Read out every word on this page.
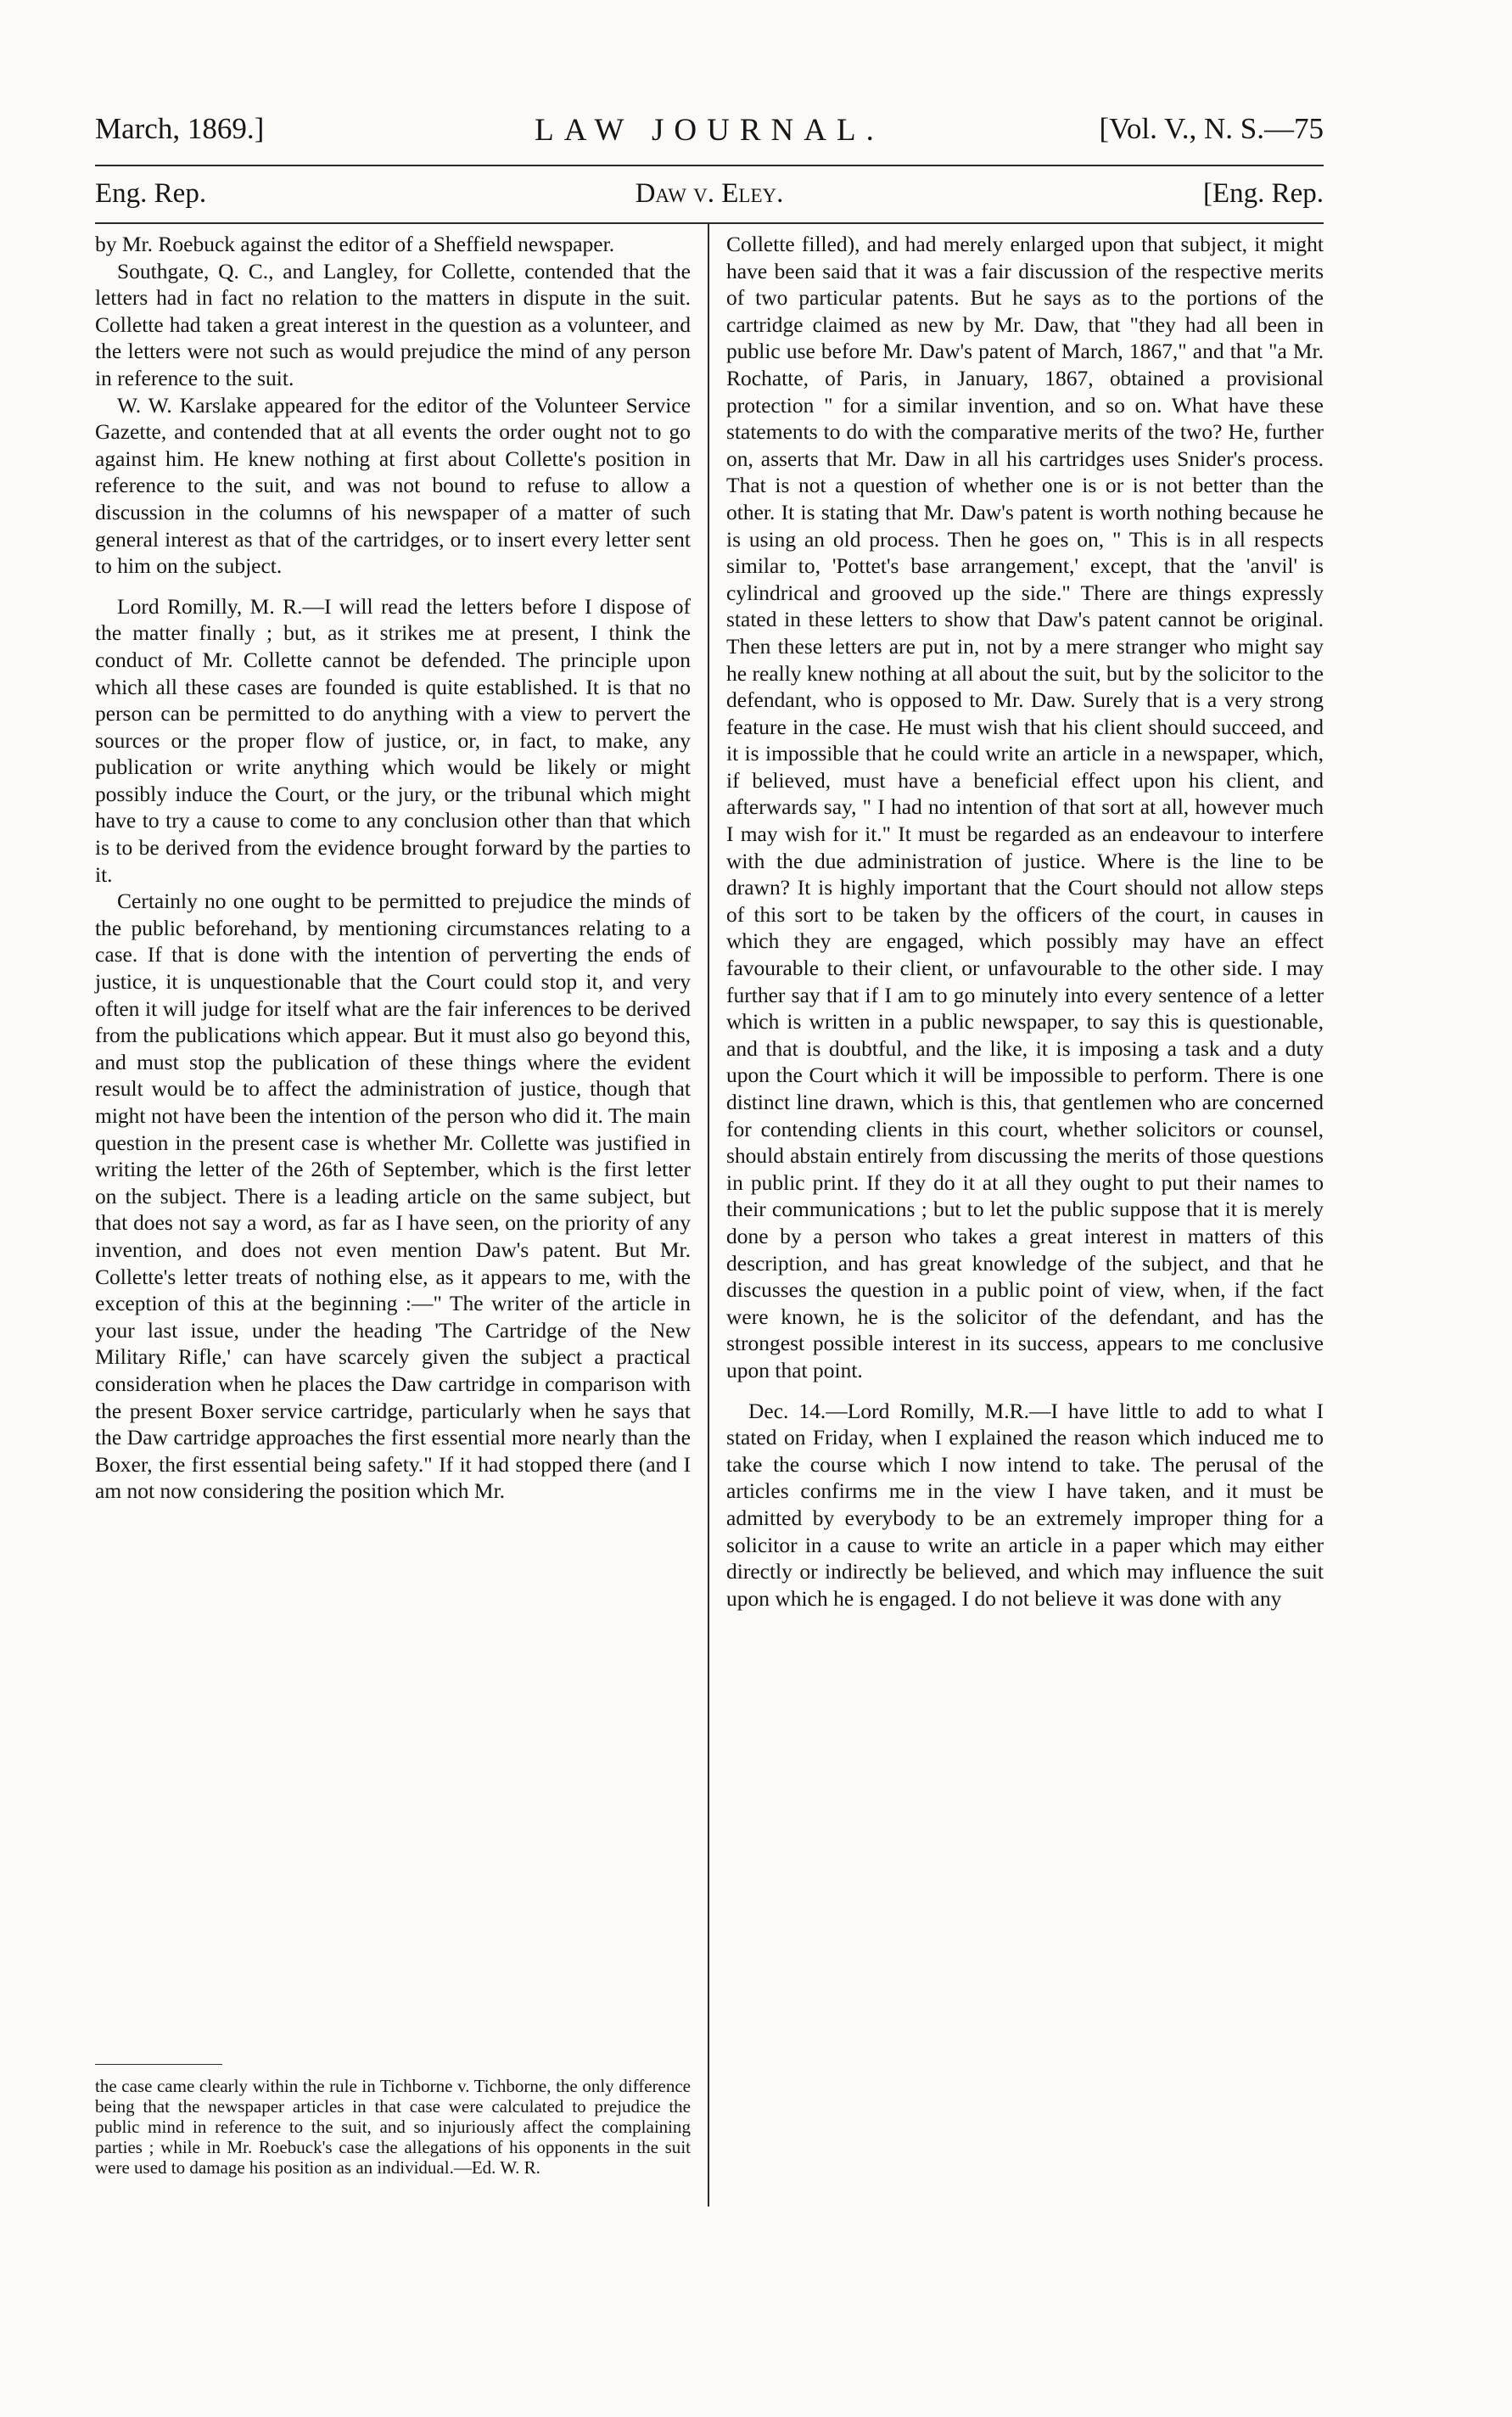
March, 1869.]	LAW JOURNAL.	[Vol. V., N. S.—75
Eng. Rep.	Daw v. Eley.	[Eng. Rep.

by Mr. Roebuck against the editor of a Sheffield newspaper.

Southgate, Q. C., and Langley, for Collette, contended that the letters had in fact no relation to the matters in dispute in the suit. Collette had taken a great interest in the question as a volunteer, and the letters were not such as would prejudice the mind of any person in reference to the suit.

W. W. Karslake appeared for the editor of the Volunteer Service Gazette, and contended that at all events the order ought not to go against him. He knew nothing at first about Collette's position in reference to the suit, and was not bound to refuse to allow a discussion in the columns of his newspaper of a matter of such general interest as that of the cartridges, or to insert every letter sent to him on the subject.

Lord Romilly, M. R.—I will read the letters before I dispose of the matter finally ; but, as it strikes me at present, I think the conduct of Mr. Collette cannot be defended. The principle upon which all these cases are founded is quite established. It is that no person can be permitted to do anything with a view to pervert the sources or the proper flow of justice, or, in fact, to make, any publication or write anything which would be likely or might possibly induce the Court, or the jury, or the tribunal which might have to try a cause to come to any conclusion other than that which is to be derived from the evidence brought forward by the parties to it.

Certainly no one ought to be permitted to prejudice the minds of the public beforehand, by mentioning circumstances relating to a case. If that is done with the intention of perverting the ends of justice, it is unquestionable that the Court could stop it, and very often it will judge for itself what are the fair inferences to be derived from the publications which appear. But it must also go beyond this, and must stop the publication of these things where the evident result would be to affect the administration of justice, though that might not have been the intention of the person who did it. The main question in the present case is whether Mr. Collette was justified in writing the letter of the 26th of September, which is the first letter on the subject. There is a leading article on the same subject, but that does not say a word, as far as I have seen, on the priority of any invention, and does not even mention Daw's patent. But Mr. Collette's letter treats of nothing else, as it appears to me, with the exception of this at the beginning :—" The writer of the article in your last issue, under the heading 'The Cartridge of the New Military Rifle,' can have scarcely given the subject a practical consideration when he places the Daw cartridge in comparison with the present Boxer service cartridge, particularly when he says that the Daw cartridge approaches the first essential more nearly than the Boxer, the first essential being safety." If it had stopped there (and I am not now considering the position which Mr.

the case came clearly within the rule in Tichborne v. Tichborne, the only difference being that the newspaper articles in that case were calculated to prejudice the public mind in reference to the suit, and so injuriously affect the complaining parties ; while in Mr. Roebuck's case the allegations of his opponents in the suit were used to damage his position as an individual.—Ed. W. R.

Collette filled), and had merely enlarged upon that subject, it might have been said that it was a fair discussion of the respective merits of two particular patents. But he says as to the portions of the cartridge claimed as new by Mr. Daw, that "they had all been in public use before Mr. Daw's patent of March, 1867," and that "a Mr. Rochatte, of Paris, in January, 1867, obtained a provisional protection " for a similar invention, and so on. What have these statements to do with the comparative merits of the two? He, further on, asserts that Mr. Daw in all his cartridges uses Snider's process. That is not a question of whether one is or is not better than the other. It is stating that Mr. Daw's patent is worth nothing because he is using an old process. Then he goes on, " This is in all respects similar to, 'Pottet's base arrangement,' except, that the 'anvil' is cylindrical and grooved up the side." There are things expressly stated in these letters to show that Daw's patent cannot be original. Then these letters are put in, not by a mere stranger who might say he really knew nothing at all about the suit, but by the solicitor to the defendant, who is opposed to Mr. Daw. Surely that is a very strong feature in the case. He must wish that his client should succeed, and it is impossible that he could write an article in a newspaper, which, if believed, must have a beneficial effect upon his client, and afterwards say, " I had no intention of that sort at all, however much I may wish for it." It must be regarded as an endeavour to interfere with the due administration of justice. Where is the line to be drawn? It is highly important that the Court should not allow steps of this sort to be taken by the officers of the court, in causes in which they are engaged, which possibly may have an effect favourable to their client, or unfavourable to the other side. I may further say that if I am to go minutely into every sentence of a letter which is written in a public newspaper, to say this is questionable, and that is doubtful, and the like, it is imposing a task and a duty upon the Court which it will be impossible to perform. There is one distinct line drawn, which is this, that gentlemen who are concerned for contending clients in this court, whether solicitors or counsel, should abstain entirely from discussing the merits of those questions in public print. If they do it at all they ought to put their names to their communications ; but to let the public suppose that it is merely done by a person who takes a great interest in matters of this description, and has great knowledge of the subject, and that he discusses the question in a public point of view, when, if the fact were known, he is the solicitor of the defendant, and has the strongest possible interest in its success, appears to me conclusive upon that point.

Dec. 14.—Lord Romilly, M.R.—I have little to add to what I stated on Friday, when I explained the reason which induced me to take the course which I now intend to take. The perusal of the articles confirms me in the view I have taken, and it must be admitted by everybody to be an extremely improper thing for a solicitor in a cause to write an article in a paper which may either directly or indirectly be believed, and which may influence the suit upon which he is engaged. I do not believe it was done with any
